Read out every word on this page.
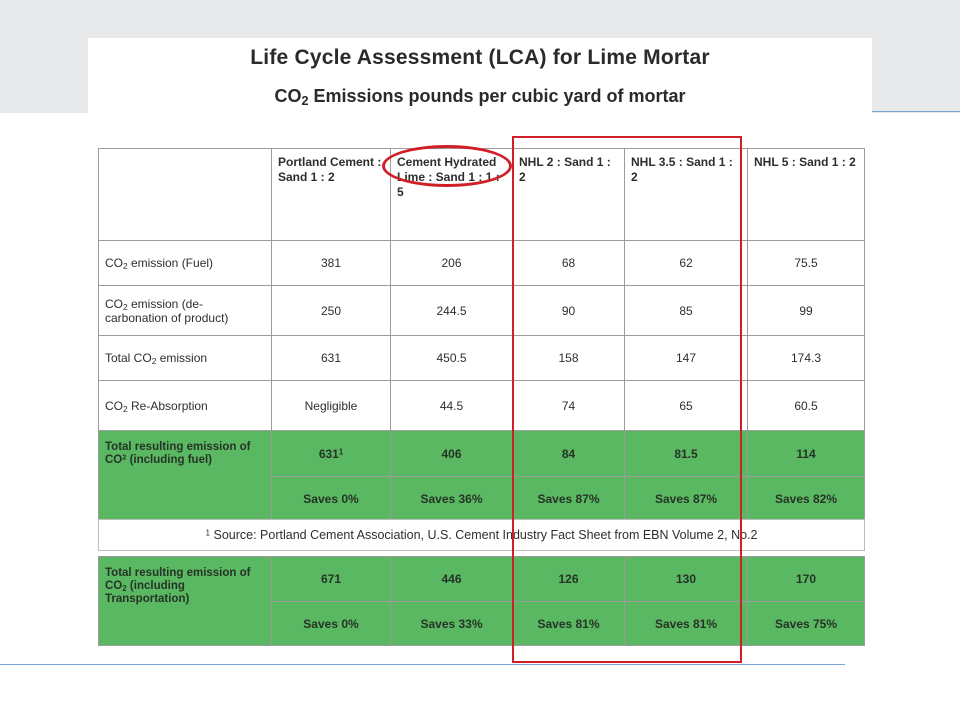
Life Cycle Assessment (LCA) for Lime Mortar
$CO_2$ Emissions pounds per cubic yard of mortar
	Portland Cement : Sand 1 : 2	Cement Hydrated Lime : Sand 1 : 1 : 5	NHL 2 : Sand 1 : 2	NHL 3.5 : Sand 1 : 2	NHL 5 : Sand 1 : 2
$CO_2$ emission (Fuel)	381	206	68	62	75.5
$CO_2$ emission (de-carbonation of product)	250	244.5	90	85	99
Total $CO_2$ emission	631	450.5	158	147	174.3
$CO_2$ Re-Absorption	Negligible	44.5	74	65	60.5
Total resulting emission of $CO^2$ (including fuel)	$631^1$	406	84	81.5	114
	Saves 0%	Saves 36%	Saves 87%	Saves 87%	Saves 82%
$^1$ Source: Portland Cement Association, U.S. Cement Industry Fact Sheet from EBN Volume 2, No.2
Total resulting emission of $CO_2$ (including Transportation)	671	446	126	130	170
	Saves 0%	Saves 33%	Saves 81%	Saves 81%	Saves 75%
